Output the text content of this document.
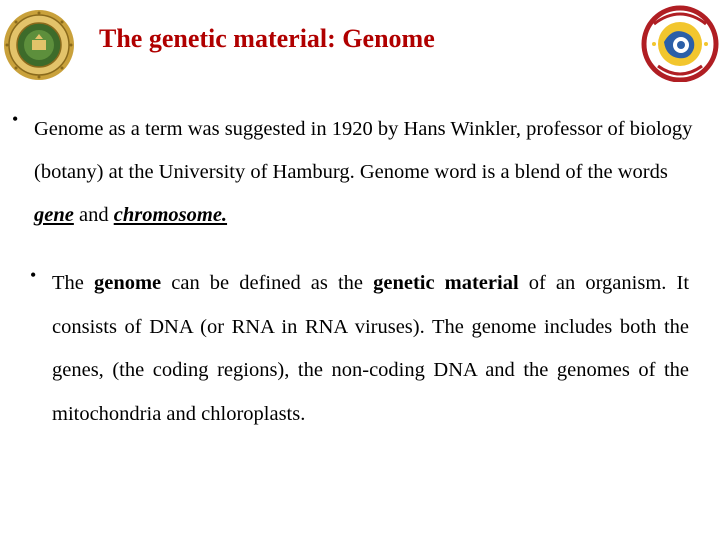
The genetic material: Genome
• Genome as a term was suggested in 1920 by Hans Winkler, professor of biology (botany) at the University of Hamburg. Genome word is a blend of the words gene and chromosome.
• The genome can be defined as the genetic material of an organism. It consists of DNA (or RNA in RNA viruses). The genome includes both the genes, (the coding regions), the non-coding DNA and the genomes of the mitochondria and chloroplasts.
